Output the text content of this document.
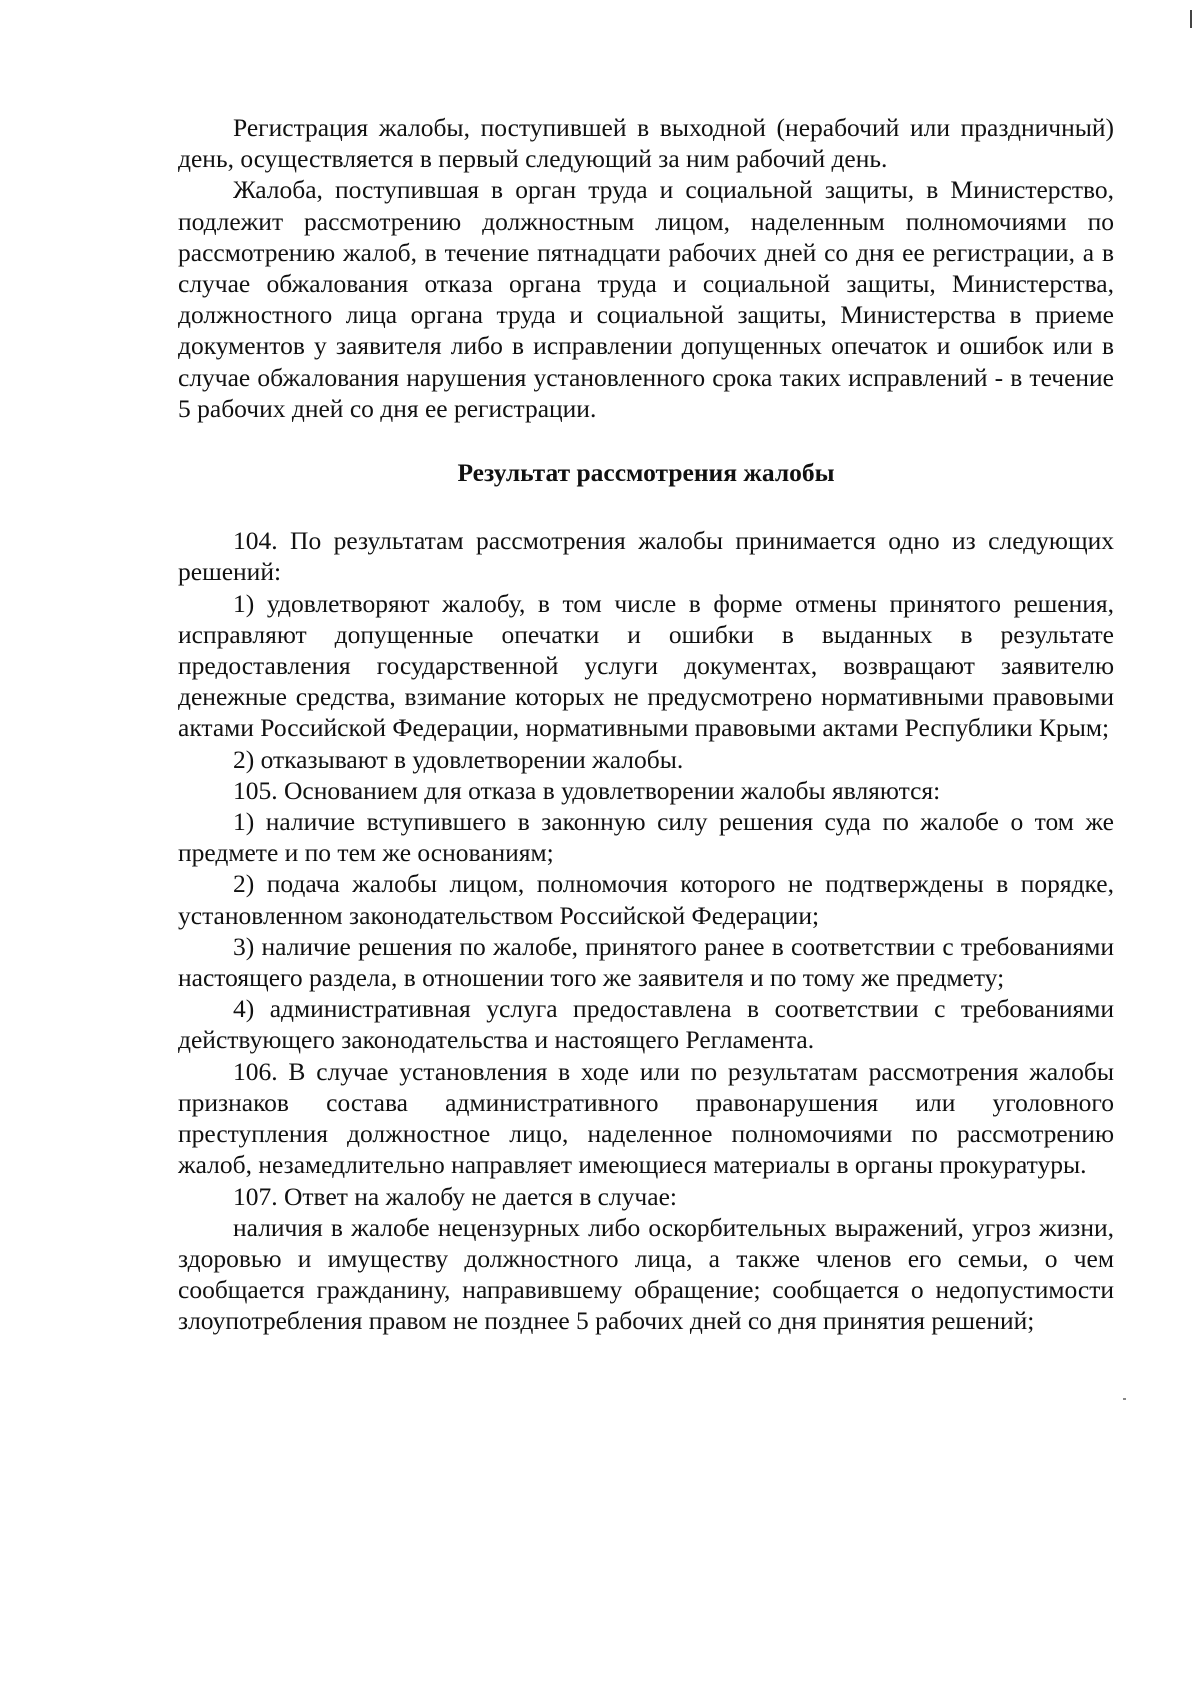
Регистрация жалобы, поступившей в выходной (нерабочий или праздничный) день, осуществляется в первый следующий за ним рабочий день.

Жалоба, поступившая в орган труда и социальной защиты, в Министерство, подлежит рассмотрению должностным лицом, наделенным полномочиями по рассмотрению жалоб, в течение пятнадцати рабочих дней со дня ее регистрации, а в случае обжалования отказа органа труда и социальной защиты, Министерства, должностного лица органа труда и социальной защиты, Министерства в приеме документов у заявителя либо в исправлении допущенных опечаток и ошибок или в случае обжалования нарушения установленного срока таких исправлений - в течение 5 рабочих дней со дня ее регистрации.

Результат рассмотрения жалобы

104. По результатам рассмотрения жалобы принимается одно из следующих решений:

1) удовлетворяют жалобу, в том числе в форме отмены принятого решения, исправляют допущенные опечатки и ошибки в выданных в результате предоставления государственной услуги документах, возвращают заявителю денежные средства, взимание которых не предусмотрено нормативными правовыми актами Российской Федерации, нормативными правовыми актами Республики Крым;

2) отказывают в удовлетворении жалобы.

105. Основанием для отказа в удовлетворении жалобы являются:

1) наличие вступившего в законную силу решения суда по жалобе о том же предмете и по тем же основаниям;

2) подача жалобы лицом, полномочия которого не подтверждены в порядке, установленном законодательством Российской Федерации;

3) наличие решения по жалобе, принятого ранее в соответствии с требованиями настоящего раздела, в отношении того же заявителя и по тому же предмету;

4) административная услуга предоставлена в соответствии с требованиями действующего законодательства и настоящего Регламента.

106. В случае установления в ходе или по результатам рассмотрения жалобы признаков состава административного правонарушения или уголовного преступления должностное лицо, наделенное полномочиями по рассмотрению жалоб, незамедлительно направляет имеющиеся материалы в органы прокуратуры.

107. Ответ на жалобу не дается в случае:

наличия в жалобе нецензурных либо оскорбительных выражений, угроз жизни, здоровью и имуществу должностного лица, а также членов его семьи, о чем сообщается гражданину, направившему обращение; сообщается о недопустимости злоупотребления правом не позднее 5 рабочих дней со дня принятия решений;
